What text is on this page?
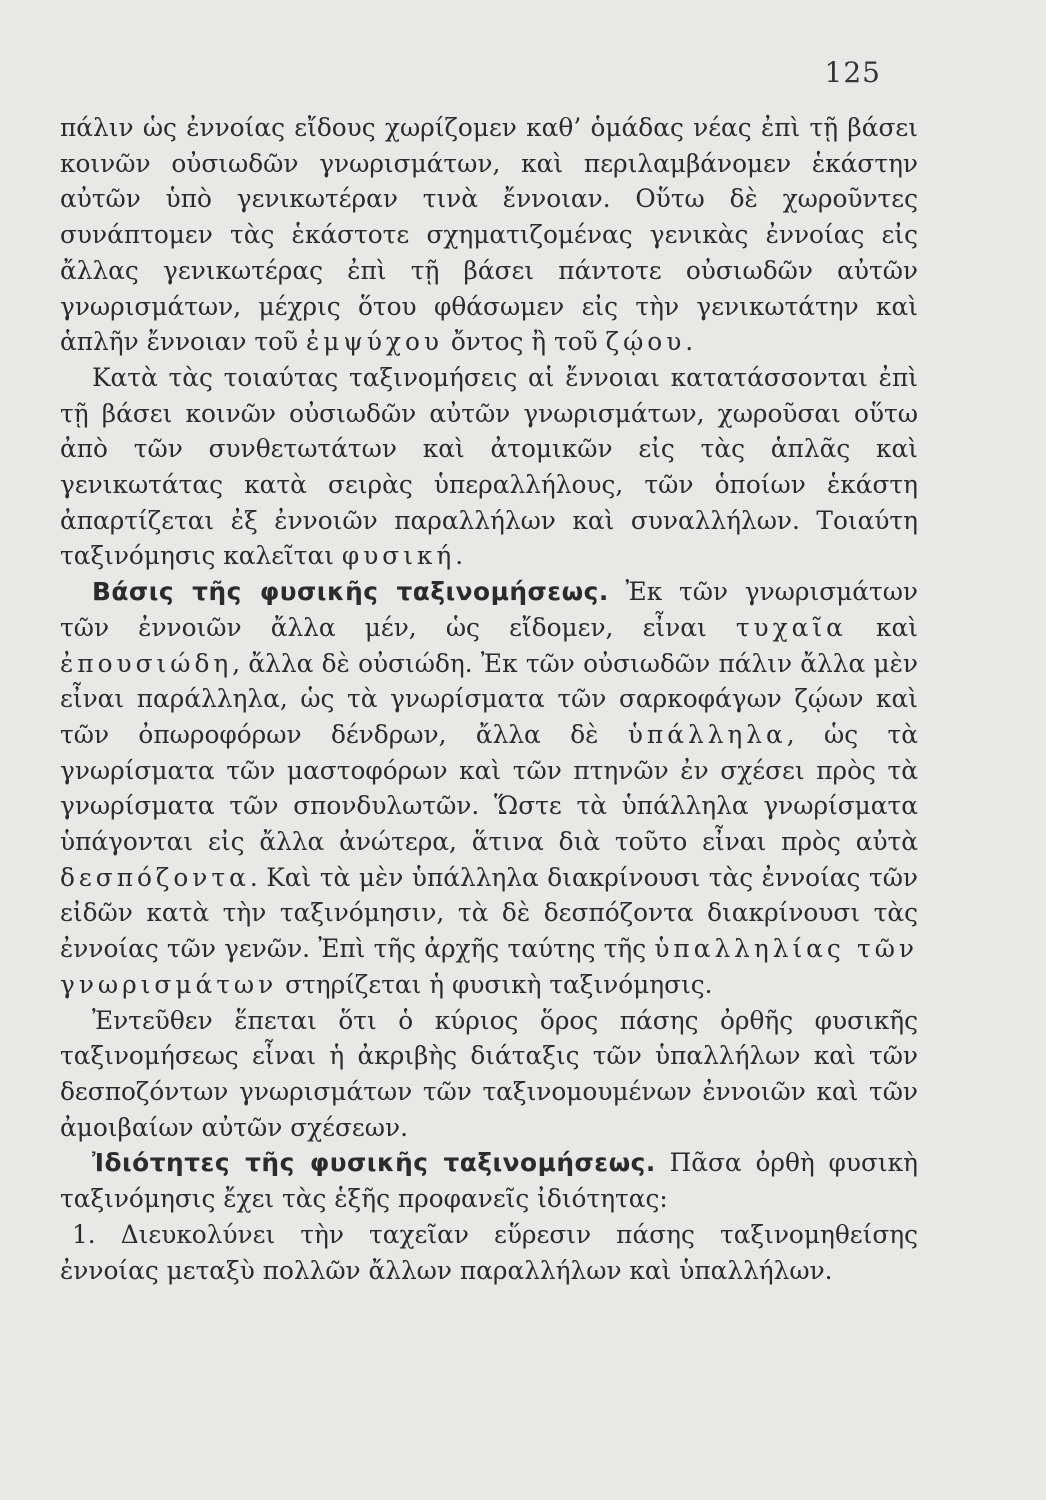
125

πάλιν ὡς ἐννοίας εἴδους χωρίζομεν καθ’ ὁμάδας νέας ἐπὶ τῇ βάσει κοινῶν οὐσιωδῶν γνωρισμάτων, καὶ περιλαμβάνομεν ἑκάστην αὐτῶν ὑπὸ γενικωτέραν τινὰ ἔννοιαν. Οὕτω δὲ χωροῦντες συνάπτομεν τὰς ἑκάστοτε σχηματιζομένας γενικὰς ἐννοίας εἰς ἄλλας γενικωτέρας ἐπὶ τῇ βάσει πάντοτε οὐσιωδῶν αὐτῶν γνωρισμάτων, μέχρις ὅτου φθάσωμεν εἰς τὴν γενικωτάτην καὶ ἁπλῆν ἔννοιαν τοῦ ἐμψύχου ὄντος ἢ τοῦ ζῴου.

Κατὰ τὰς τοιαύτας ταξινομήσεις αἱ ἔννοιαι κατατάσσονται ἐπὶ τῇ βάσει κοινῶν οὐσιωδῶν αὐτῶν γνωρισμάτων, χωροῦσαι οὕτω ἀπὸ τῶν συνθετωτάτων καὶ ἀτομικῶν εἰς τὰς ἁπλᾶς καὶ γενικωτάτας κατὰ σειρὰς ὑπεραλλήλους, τῶν ὁποίων ἑκάστη ἀπαρτίζεται ἐξ ἐννοιῶν παραλλήλων καὶ συναλλήλων. Τοιαύτη ταξινόμησις καλεῖται φυσική.

Βάσις τῆς φυσικῆς ταξινομήσεως. Ἐκ τῶν γνωρισμάτων τῶν ἐννοιῶν ἄλλα μέν, ὡς εἴδομεν, εἶναι τυχαῖα καὶ ἐπουσιώδη, ἄλλα δὲ οὐσιώδη. Ἐκ τῶν οὐσιωδῶν πάλιν ἄλλα μὲν εἶναι παράλληλα, ὡς τὰ γνωρίσματα τῶν σαρκοφάγων ζῴων καὶ τῶν ὀπωροφόρων δένδρων, ἄλλα δὲ ὑπάλληλα, ὡς τὰ γνωρίσματα τῶν μαστοφόρων καὶ τῶν πτηνῶν ἐν σχέσει πρὸς τὰ γνωρίσματα τῶν σπονδυλωτῶν. Ὥστε τὰ ὑπάλληλα γνωρίσματα ὑπάγονται εἰς ἄλλα ἀνώτερα, ἅτινα διὰ τοῦτο εἶναι πρὸς αὐτὰ δεσπόζοντα. Καὶ τὰ μὲν ὑπάλληλα διακρίνουσι τὰς ἐννοίας τῶν εἰδῶν κατὰ τὴν ταξινόμησιν, τὰ δὲ δεσπόζοντα διακρίνουσι τὰς ἐννοίας τῶν γενῶν. Ἐπὶ τῆς ἀρχῆς ταύτης τῆς ὑπαλληλίας τῶν γνωρισμάτων στηρίζεται ἡ φυσικὴ ταξινόμησις.

Ἐντεῦθεν ἕπεται ὅτι ὁ κύριος ὅρος πάσης ὀρθῆς φυσικῆς ταξινομήσεως εἶναι ἡ ἀκριβὴς διάταξις τῶν ὑπαλλήλων καὶ τῶν δεσποζόντων γνωρισμάτων τῶν ταξινομουμένων ἐννοιῶν καὶ τῶν ἀμοιβαίων αὐτῶν σχέσεων.

Ἰδιότητες τῆς φυσικῆς ταξινομήσεως. Πᾶσα ὀρθὴ φυσικὴ ταξινόμησις ἔχει τὰς ἑξῆς προφανεῖς ἰδιότητας:

1. Διευκολύνει τὴν ταχεῖαν εὕρεσιν πάσης ταξινομηθείσης ἐννοίας μεταξὺ πολλῶν ἄλλων παραλλήλων καὶ ὑπαλλήλων.
